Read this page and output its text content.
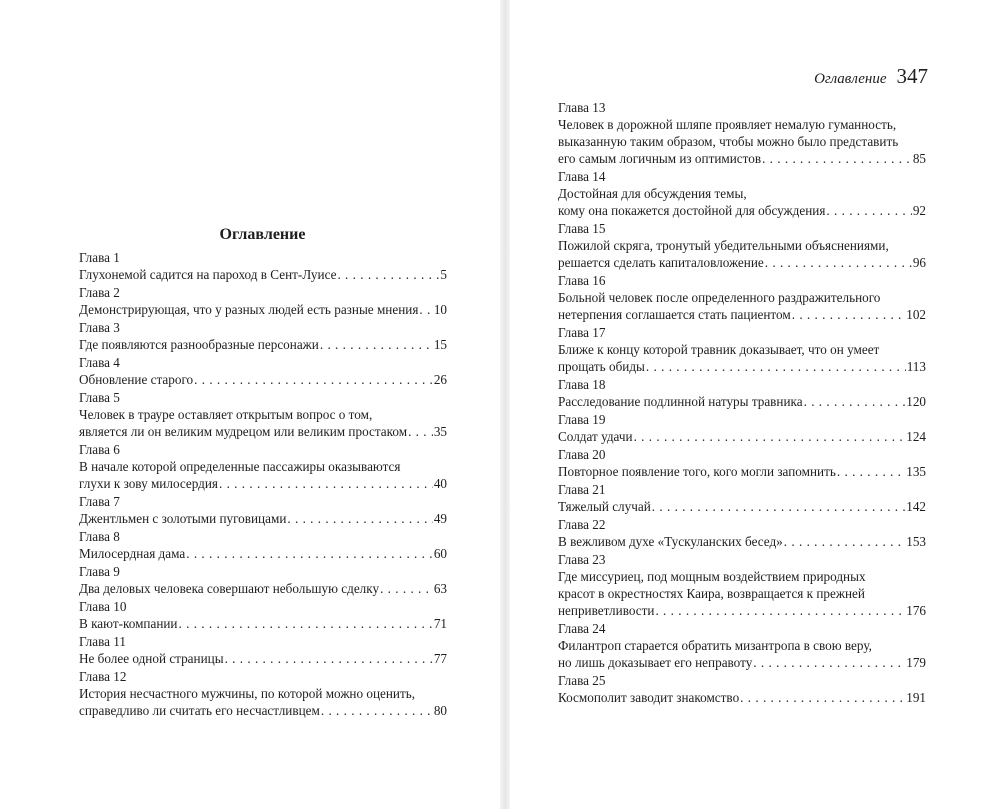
Оглавление
Глава 1
Глухонемой садится на пароход в Сент-Луисе . . .	5
Глава 2
Демонстрирующая, что у разных людей есть разные мнения . . . 10
Глава 3
Где появляются разнообразные персонажи . . .	15
Глава 4
Обновление старого . . .	26
Глава 5
Человек в трауре оставляет открытым вопрос о том,
является ли он великим мудрецом или великим простаком . . . 35
Глава 6
В начале которой определенные пассажиры оказываются
глухи к зову милосердия . . .	40
Глава 7
Джентльмен с золотыми пуговицами . . .	49
Глава 8
Милосердная дама . . .	60
Глава 9
Два деловых человека совершают небольшую сделку . . .	63
Глава 10
В кают-компании . . .	71
Глава 11
Не более одной страницы . . .	77
Глава 12
История несчастного мужчины, по которой можно оценить,
справедливо ли считать его несчастливцем . . .	80
Оглавление 347
Глава 13
Человек в дорожной шляпе проявляет немалую гуманность,
выказанную таким образом, чтобы можно было представить
его самым логичным из оптимистов . . .	85
Глава 14
Достойная для обсуждения темы,
кому она покажется достойной для обсуждения . . .	92
Глава 15
Пожилой скряга, тронутый убедительными объяснениями,
решается сделать капиталовложение . . .	96
Глава 16
Больной человек после определенного раздражительного
нетерпения соглашается стать пациентом . . .	102
Глава 17
Ближе к концу которой травник доказывает, что он умеет
прощать обиды . . .	113
Глава 18
Расследование подлинной натуры травника . . .	120
Глава 19
Солдат удачи . . .	124
Глава 20
Повторное появление того, кого могли запомнить . . .	135
Глава 21
Тяжелый случай . . .	142
Глава 22
В вежливом духе «Тускуланских бесед» . . .	153
Глава 23
Где миссуриец, под мощным воздействием природных
красот в окрестностях Каира, возвращается к прежней
неприветливости . . .	176
Глава 24
Филантроп старается обратить мизантропа в свою веру,
но лишь доказывает его неправоту . . .	179
Глава 25
Космополит заводит знакомство . . .	191
